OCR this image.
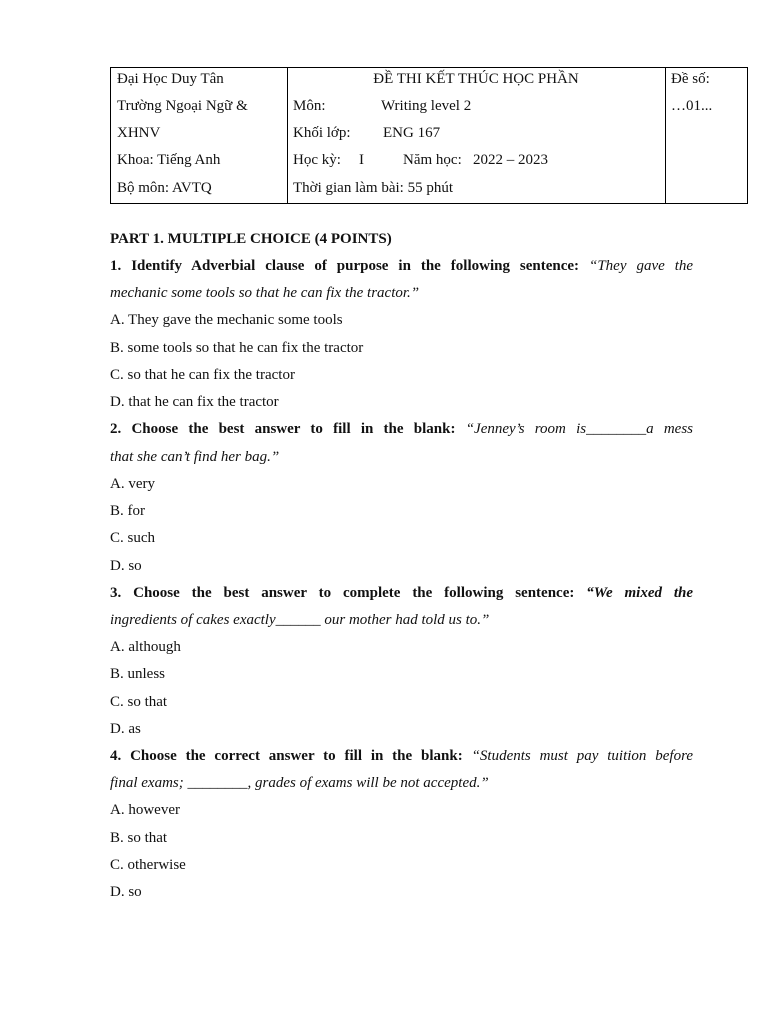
Đại Học Duy Tân
Trường Ngoại Ngữ &
XHNV
Khoa: Tiếng Anh
Bộ môn: AVTQ
ĐỀ THI KẾT THÚC HỌC PHẦN
Môn:	Writing level 2
Khối lớp: ENG 167
Học kỳ: I	Năm học: 2022 – 2023
Thời gian làm bài: 55 phút
Đề số:
…01...
PART 1. MULTIPLE CHOICE (4 POINTS)
1. Identify Adverbial clause of purpose in the following sentence: “They gave the
mechanic some tools so that he can fix the tractor.”
A. They gave the mechanic some tools
B. some tools so that he can fix the tractor
C. so that he can fix the tractor
D. that he can fix the tractor
2. Choose the best answer to fill in the blank: “Jenney’s room is________a mess
that she can’t find her bag.”
A. very
B. for
C. such
D. so
3. Choose the best answer to complete the following sentence: “We mixed the
ingredients of cakes exactly______ our mother had told us to.”
A. although
B. unless
C. so that
D. as
4. Choose the correct answer to fill in the blank: “Students must pay tuition before
final exams; ________, grades of exams will be not accepted.”
A. however
B. so that
C. otherwise
D. so
